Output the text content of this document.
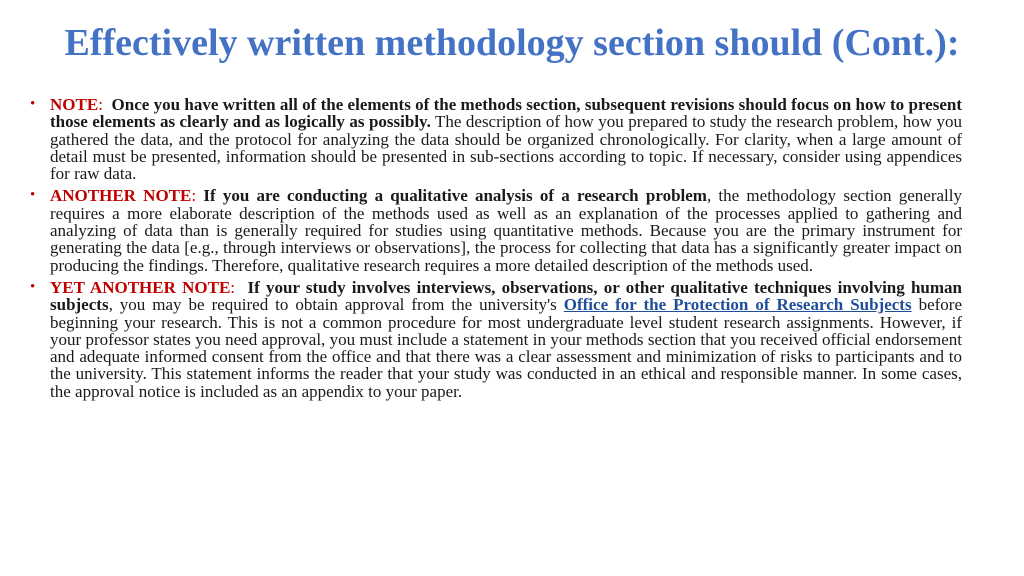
Effectively written methodology section should (Cont.):
• NOTE: Once you have written all of the elements of the methods section, subsequent revisions should focus on how to present those elements as clearly and as logically as possibly. The description of how you prepared to study the research problem, how you gathered the data, and the protocol for analyzing the data should be organized chronologically. For clarity, when a large amount of detail must be presented, information should be presented in sub-sections according to topic. If necessary, consider using appendices for raw data.
• ANOTHER NOTE: If you are conducting a qualitative analysis of a research problem, the methodology section generally requires a more elaborate description of the methods used as well as an explanation of the processes applied to gathering and analyzing of data than is generally required for studies using quantitative methods. Because you are the primary instrument for generating the data [e.g., through interviews or observations], the process for collecting that data has a significantly greater impact on producing the findings. Therefore, qualitative research requires a more detailed description of the methods used.
• YET ANOTHER NOTE: If your study involves interviews, observations, or other qualitative techniques involving human subjects, you may be required to obtain approval from the university's Office for the Protection of Research Subjects before beginning your research. This is not a common procedure for most undergraduate level student research assignments. However, if your professor states you need approval, you must include a statement in your methods section that you received official endorsement and adequate informed consent from the office and that there was a clear assessment and minimization of risks to participants and to the university. This statement informs the reader that your study was conducted in an ethical and responsible manner. In some cases, the approval notice is included as an appendix to your paper.
